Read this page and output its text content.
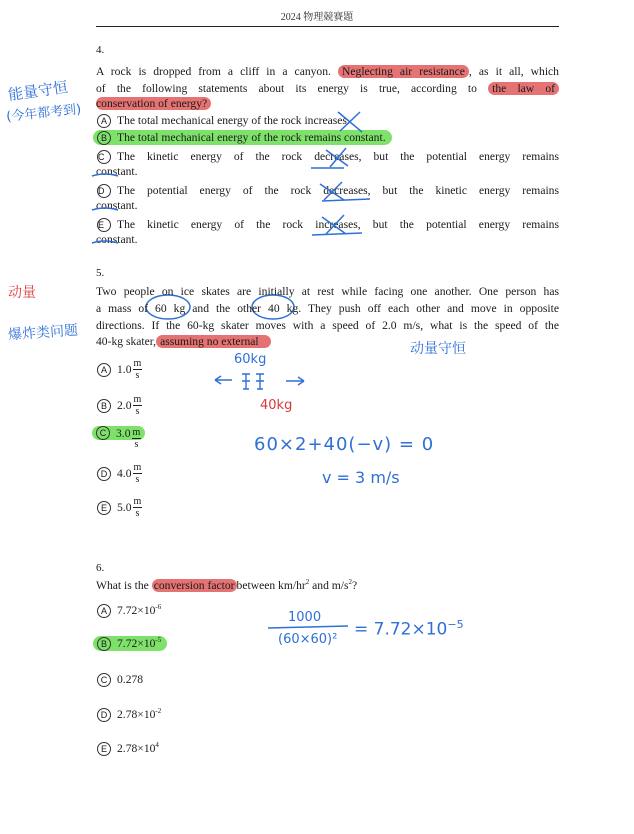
2024 物理競賽題
4.
A rock is dropped from a cliff in a canyon. Neglecting air resistance , as it all, which
of the following statements about its energy is true, according to the law of
conservation of energy?
A The total mechanical energy of the rock increases.
B The total mechanical energy of the rock remains constant.
C The kinetic energy of the rock decreases, but the potential energy remains
constant.
D The potential energy of the rock decreases, but the kinetic energy remains
constant.
E The kinetic energy of the rock increases, but the potential energy remains
constant.
能量守恒
(今年都考到)
5.
Two people on ice skates are initially at rest while facing one another. One person has
a mass of 60 kg and the other 40 kg. They push off each other and move in opposite
directions. If the 60-kg skater moves with a speed of 2.0 m/s, what is the speed of the
40-kg skater, assuming no external
A $1.0 \frac{m}{s}$
B $2.0 \frac{m}{s}$
C $3.0 \frac{m}{s}$
D $4.0 \frac{m}{s}$
E $5.0 \frac{m}{s}$
动量
爆炸类问题
动量守恒
60kg
40kg
60×2+40(−v) = 0
v = 3 m/s
6.
What is the conversion factor between $km/hr^2$ and $m/s^2$?
A $7.72\times 10^{-6}$
B $7.72\times 10^{-5}$
C 0.278
D $2.78\times 10^{-2}$
E $2.78\times 10^4$
1000
$(60\times 60)^2 = 7.72\times 10^{-5}$
